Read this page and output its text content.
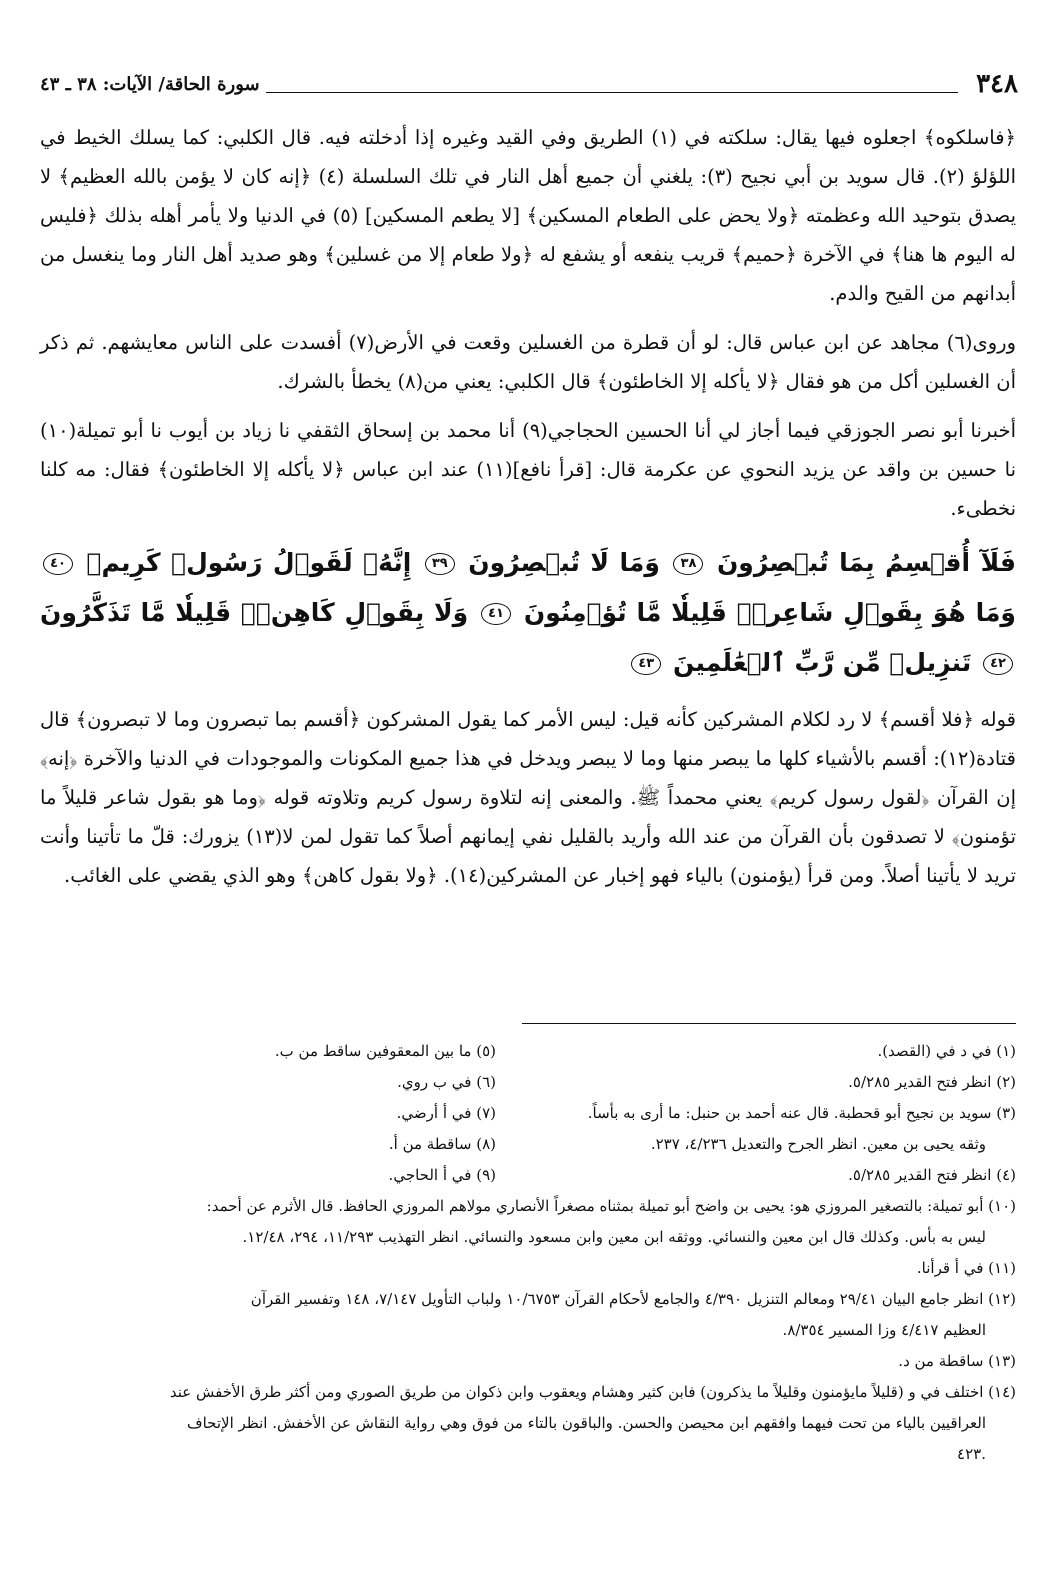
٣٤٨
سورة الحاقة/ الآيات: ٣٨ ـ ٤٣

﴿فاسلكوه﴾ اجعلوه فيها يقال: سلكته في (١) الطريق وفي القيد وغيره إذا أدخلته فيه. قال الكلبي: كما يسلك الخيط في اللؤلؤ (٢). قال سويد بن أبي نجيح (٣): يلغني أن جميع أهل النار في تلك السلسلة (٤) ﴿إنه كان لا يؤمن بالله العظيم﴾ لا يصدق بتوحيد الله وعظمته ﴿ولا يحض على الطعام المسكين﴾ [لا يطعم المسكين] (٥) في الدنيا ولا يأمر أهله بذلك ﴿فليس له اليوم ها هنا﴾ في الآخرة ﴿حميم﴾ قريب ينفعه أو يشفع له ﴿ولا طعام إلا من غسلين﴾ وهو صديد أهل النار وما ينغسل من أبدانهم من القيح والدم.

وروى(٦) مجاهد عن ابن عباس قال: لو أن قطرة من الغسلين وقعت في الأرض(٧) أفسدت على الناس معايشهم. ثم ذكر أن الغسلين أكل من هو فقال ﴿لا يأكله إلا الخاطئون﴾ قال الكلبي: يعني من(٨) يخطأ بالشرك.

أخبرنا أبو نصر الجوزقي فيما أجاز لي أنا الحسين الحجاجي(٩) أنا محمد بن إسحاق الثقفي نا زياد بن أيوب نا أبو تميلة(١٠) نا حسين بن واقد عن يزيد النحوي عن عكرمة قال: [قرأ نافع](١١) عند ابن عباس ﴿لا يأكله إلا الخاطئون﴾ فقال: مه كلنا نخطىء.

فَلَآ أُقۡسِمُ بِمَا تُبۡصِرُونَ ٣٨ وَمَا لَا تُبۡصِرُونَ ٣٩ إِنَّهُۥ لَقَوۡلُ رَسُولٖ كَرِيمٖ ٤٠ وَمَا هُوَ بِقَوۡلِ شَاعِرٖۚ قَلِيلٗا مَّا تُؤۡمِنُونَ ٤١ وَلَا بِقَوۡلِ كَاهِنٖۚ قَلِيلٗا مَّا تَذَكَّرُونَ ٤٢ تَنزِيلٞ مِّن رَّبِّ ٱلۡعَٰلَمِينَ ٤٣

قوله ﴿فلا أقسم﴾ لا رد لكلام المشركين كأنه قيل: ليس الأمر كما يقول المشركون ﴿أقسم بما تبصرون وما لا تبصرون﴾ قال قتادة(١٢): أقسم بالأشياء كلها ما يبصر منها وما لا يبصر ويدخل في هذا جميع المكونات والموجودات في الدنيا والآخرة ﴿إنه﴾ إن القرآن ﴿لقول رسول كريم﴾ يعني محمداً ﷺ. والمعنى إنه لتلاوة رسول كريم وتلاوته قوله ﴿وما هو بقول شاعر قليلاً ما تؤمنون﴾ لا تصدقون بأن القرآن من عند الله وأريد بالقليل نفي إيمانهم أصلاً كما تقول لمن لا(١٣) يزورك: قلّ ما تأتينا وأنت تريد لا يأتينا أصلاً. ومن قرأ (يؤمنون) بالياء فهو إخبار عن المشركين(١٤). ﴿ولا بقول كاهن﴾ وهو الذي يقضي على الغائب.

(١) في د في (القصد).
(٢) انظر فتح القدير ٥/٢٨٥.
(٣) سويد بن نجيح أبو قحطبة. قال عنه أحمد بن حنبل: ما أرى به بأساً.
وثقه يحيى بن معين. انظر الجرح والتعديل ٤/٢٣٦، ٢٣٧.
(٤) انظر فتح القدير ٥/٢٨٥.
(٥) ما بين المعقوفين ساقط من ب.
(٦) في ب روي.
(٧) في أ أرضي.
(٨) ساقطة من أ.
(٩) في أ الحاجي.
(١٠) أبو تميلة: بالتصغير المروزي هو: يحيى بن واضح أبو تميلة بمثناه مصغراً الأنصاري مولاهم المروزي الحافظ. قال الأثرم عن أحمد:
ليس به بأس. وكذلك قال ابن معين والنسائي. ووثقه ابن معين وابن مسعود والنسائي. انظر التهذيب ١١/٢٩٣، ٢٩٤، ١٢/٤٨.
(١١) في أ قرأنا.
(١٢) انظر جامع البيان ٢٩/٤١ ومعالم التنزيل ٤/٣٩٠ والجامع لأحكام القرآن ١٠/٦٧٥٣ ولباب التأويل ٧/١٤٧، ١٤٨ وتفسير القرآن
العظيم ٤/٤١٧ وزا المسير ٨/٣٥٤.
(١٣) ساقطة من د.
(١٤) اختلف في و (قليلاً مايؤمنون وقليلاً ما يذكرون) فابن كثير وهشام ويعقوب وابن ذكوان من طريق الصوري ومن أكثر طرق الأخفش عند
العراقيين بالياء من تحت فيهما وافقهم ابن محيصن والحسن. والباقون بالتاء من فوق وهي رواية النقاش عن الأخفش. انظر الإتحاف
.٤٢٣
